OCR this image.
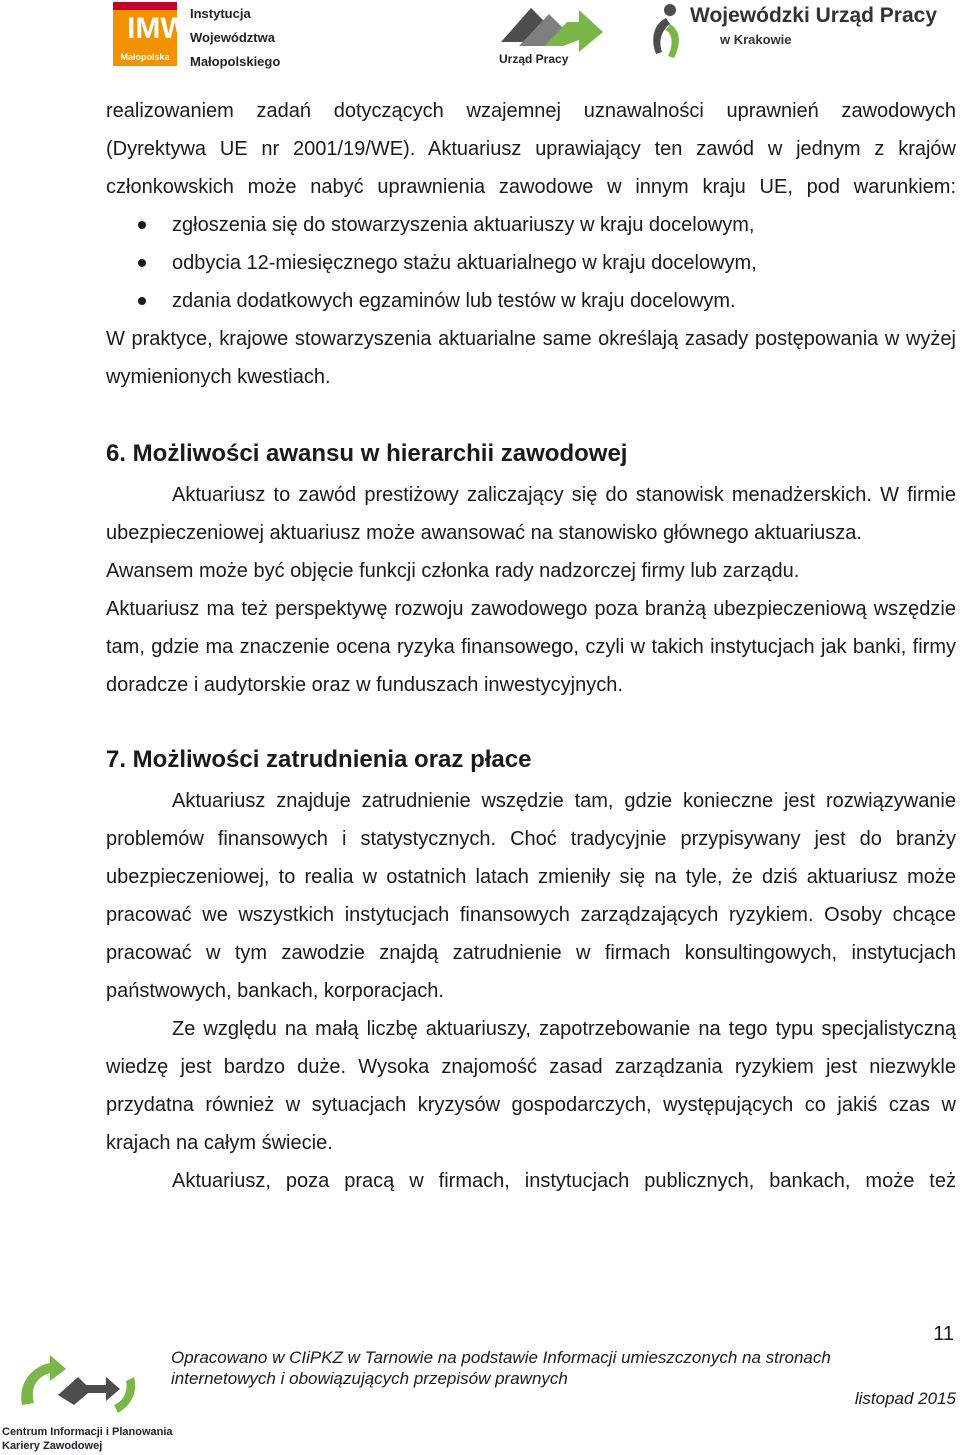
IMW
Małopolska
Instytucja
Województwa
Małopolskiego	Urząd Pracy
Wojewódzki Urząd Pracy
w Krakowie

realizowaniem zadań dotyczących wzajemnej uznawalności uprawnień zawodowych (Dyrektywa UE nr 2001/19/WE). Aktuariusz uprawiający ten zawód w jednym z krajów członkowskich może nabyć uprawnienia zawodowe w innym kraju UE, pod warunkiem:

zgłoszenia się do stowarzyszenia aktuariuszy w kraju docelowym,
odbycia 12-miesięcznego stażu aktuarialnego w kraju docelowym,
zdania dodatkowych egzaminów lub testów w kraju docelowym.

W praktyce, krajowe stowarzyszenia aktuarialne same określają zasady postępowania w wyżej wymienionych kwestiach.

6. Możliwości awansu w hierarchii zawodowej

Aktuariusz to zawód prestiżowy zaliczający się do stanowisk menadżerskich. W firmie ubezpieczeniowej aktuariusz może awansować na stanowisko głównego aktuariusza.

Awansem może być objęcie funkcji członka rady nadzorczej firmy lub zarządu.

Aktuariusz ma też perspektywę rozwoju zawodowego poza branżą ubezpieczeniową wszędzie tam, gdzie ma znaczenie ocena ryzyka finansowego, czyli w takich instytucjach jak banki, firmy doradcze i audytorskie oraz w funduszach inwestycyjnych.

7. Możliwości zatrudnienia oraz płace

Aktuariusz znajduje zatrudnienie wszędzie tam, gdzie konieczne jest rozwiązywanie problemów finansowych i statystycznych. Choć tradycyjnie przypisywany jest do branży ubezpieczeniowej, to realia w ostatnich latach zmieniły się na tyle, że dziś aktuariusz może pracować we wszystkich instytucjach finansowych zarządzających ryzykiem. Osoby chcące pracować w tym zawodzie znajdą zatrudnienie w firmach konsultingowych, instytucjach państwowych, bankach, korporacjach.

Ze względu na małą liczbę aktuariuszy, zapotrzebowanie na tego typu specjalistyczną wiedzę jest bardzo duże. Wysoka znajomość zasad zarządzania ryzykiem jest niezwykle przydatna również w sytuacjach kryzysów gospodarczych, występujących co jakiś czas w krajach na całym świecie.

Aktuariusz, poza pracą w firmach, instytucjach publicznych, bankach, może też

11
Centrum Informacji i Planowania
Kariery Zawodowej
Opracowano w CIiPKZ w Tarnowie na podstawie Informacji umieszczonych na stronach
internetowych i obowiązujących przepisów prawnych
listopad 2015
